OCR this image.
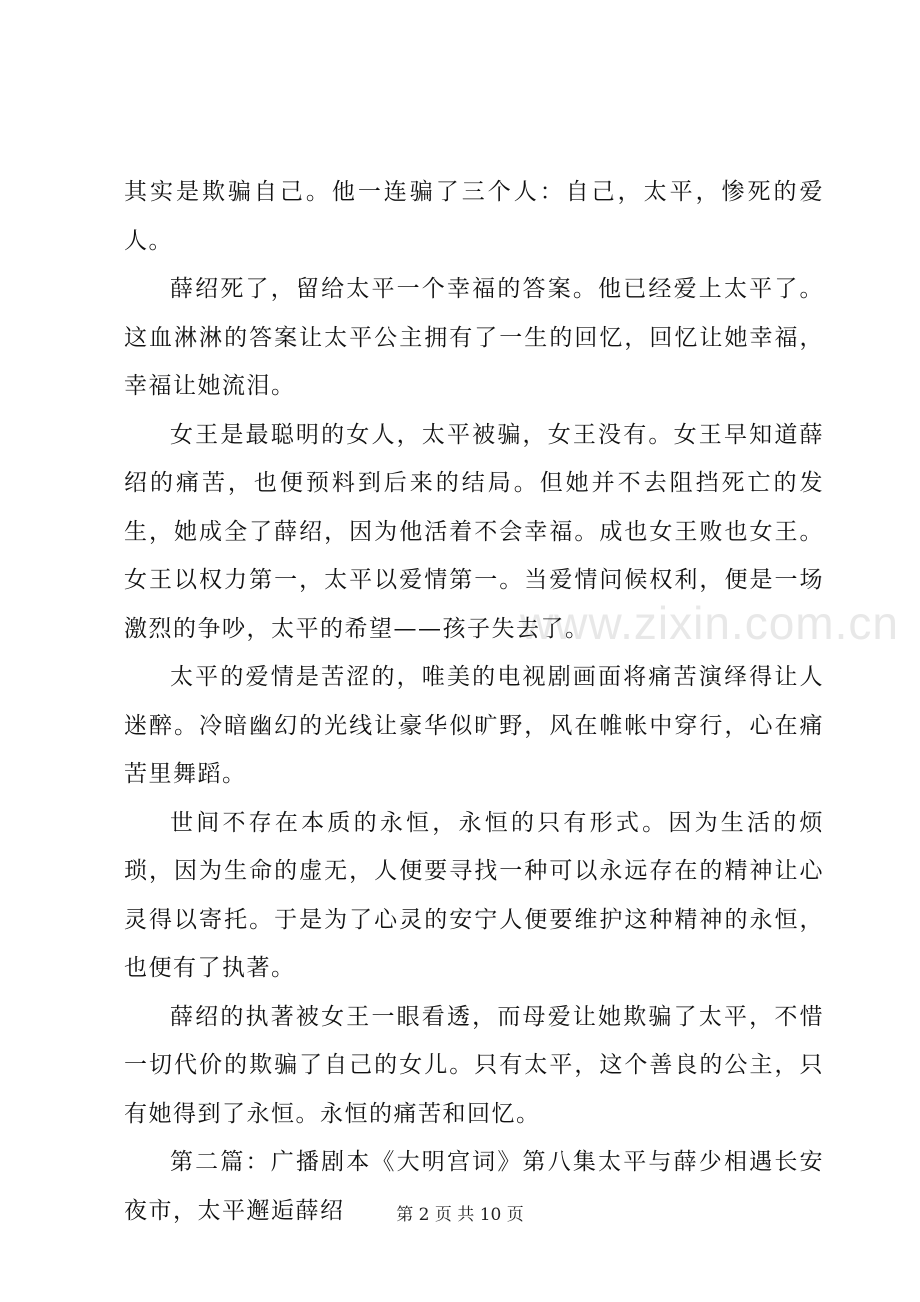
www.zixin.com.cn

其实是欺骗自己。他一连骗了三个人：自己，太平，惨死的爱人。

薛绍死了，留给太平一个幸福的答案。他已经爱上太平了。这血淋淋的答案让太平公主拥有了一生的回忆，回忆让她幸福，幸福让她流泪。

女王是最聪明的女人，太平被骗，女王没有。女王早知道薛绍的痛苦，也便预料到后来的结局。但她并不去阻挡死亡的发生，她成全了薛绍，因为他活着不会幸福。成也女王败也女王。女王以权力第一，太平以爱情第一。当爱情问候权利，便是一场激烈的争吵，太平的希望——孩子失去了。

太平的爱情是苦涩的，唯美的电视剧画面将痛苦演绎得让人迷醉。冷暗幽幻的光线让豪华似旷野，风在帷帐中穿行，心在痛苦里舞蹈。

世间不存在本质的永恒，永恒的只有形式。因为生活的烦琐，因为生命的虚无，人便要寻找一种可以永远存在的精神让心灵得以寄托。于是为了心灵的安宁人便要维护这种精神的永恒，也便有了执著。

薛绍的执著被女王一眼看透，而母爱让她欺骗了太平，不惜一切代价的欺骗了自己的女儿。只有太平，这个善良的公主，只有她得到了永恒。永恒的痛苦和回忆。

第二篇：广播剧本《大明宫词》第八集太平与薛少相遇长安夜市，太平邂逅薛绍	第 2 页 共 10 页
